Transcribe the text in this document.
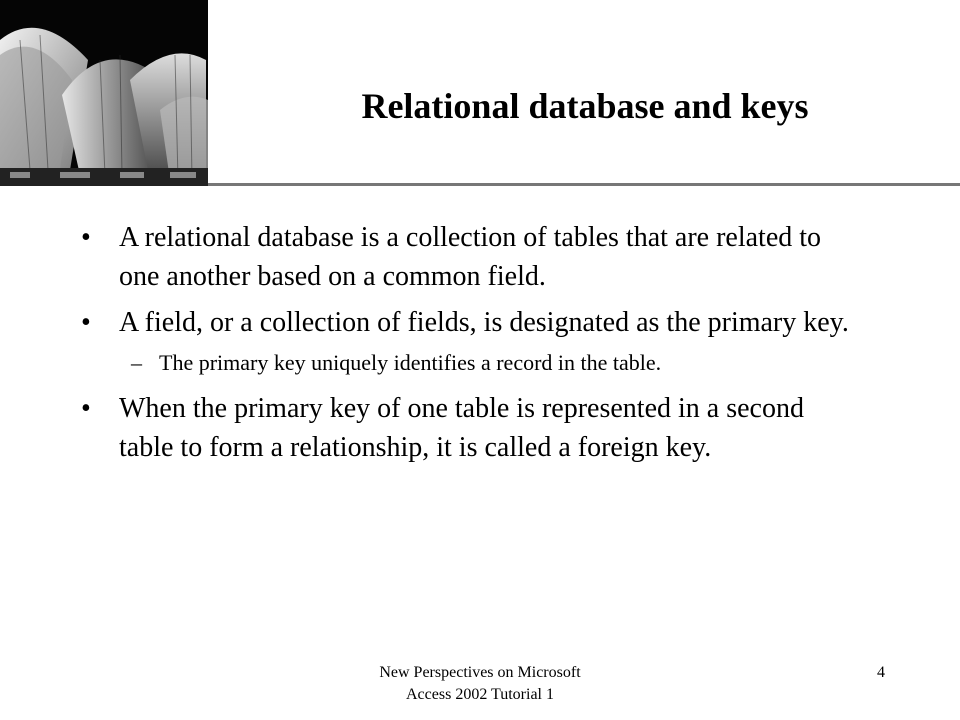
Relational database and keys
• A relational database is a collection of tables that are related to one another based on a common field.
• A field, or a collection of fields, is designated as the primary key.
– The primary key uniquely identifies a record in the table.
• When the primary key of one table is represented in a second table to form a relationship, it is called a foreign key.
New Perspectives on Microsoft
Access 2002 Tutorial 1
4
